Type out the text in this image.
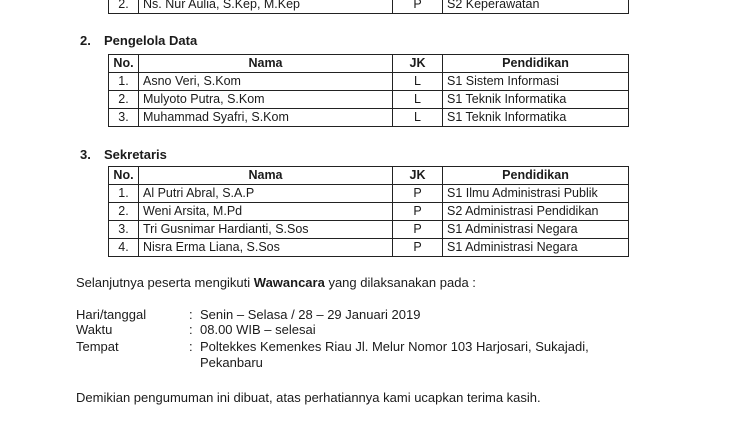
2.	Ns. Nur Aulia, S.Kep, M.Kep	P	S2 Keperawatan
2. Pengelola Data
No.	Nama	JK	Pendidikan
1.	Asno Veri, S.Kom	L	S1 Sistem Informasi
2.	Mulyoto Putra, S.Kom	L	S1 Teknik Informatika
3.	Muhammad Syafri, S.Kom	L	S1 Teknik Informatika
3. Sekretaris
No.	Nama	JK	Pendidikan
1.	Al Putri Abral, S.A.P	P	S1 Ilmu Administrasi Publik
2.	Weni Arsita, M.Pd	P	S2 Administrasi Pendidikan
3.	Tri Gusnimar Hardianti, S.Sos	P	S1 Administrasi Negara
4.	Nisra Erma Liana, S.Sos	P	S1 Administrasi Negara
Selanjutnya peserta mengikuti Wawancara yang dilaksanakan pada :
Hari/tanggal	: Senin – Selasa / 28 – 29 Januari 2019
Waktu	: 08.00 WIB – selesai
Tempat	: Poltekkes Kemenkes Riau Jl. Melur Nomor 103 Harjosari, Sukajadi,
Pekanbaru
Demikian pengumuman ini dibuat, atas perhatiannya kami ucapkan terima kasih.
